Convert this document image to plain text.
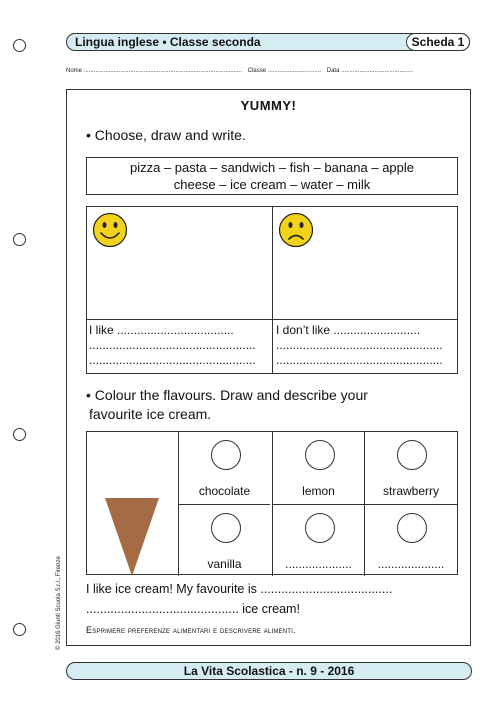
Lingua inglese • Classe seconda	Scheda 1
Nome ............................................................................................... Classe ................................ Data ...........................................
YUMMY!
• Choose, draw and write.
pizza – pasta – sandwich – fish – banana – apple
cheese – ice cream – water – milk
I like ...................................
..................................................
..................................................
I don’t like ..........................
..................................................
..................................................
• Colour the flavours. Draw and describe your
favourite ice cream.
chocolate	lemon	strawberry
vanilla	....................	....................
I like ice cream! My favourite is ......................................
............................................ ice cream!
Esprimere preferenze alimentari e descrivere alimenti.
© 2016 Giunti Scuola S.r.l., Firenze
La Vita Scolastica - n. 9 - 2016
